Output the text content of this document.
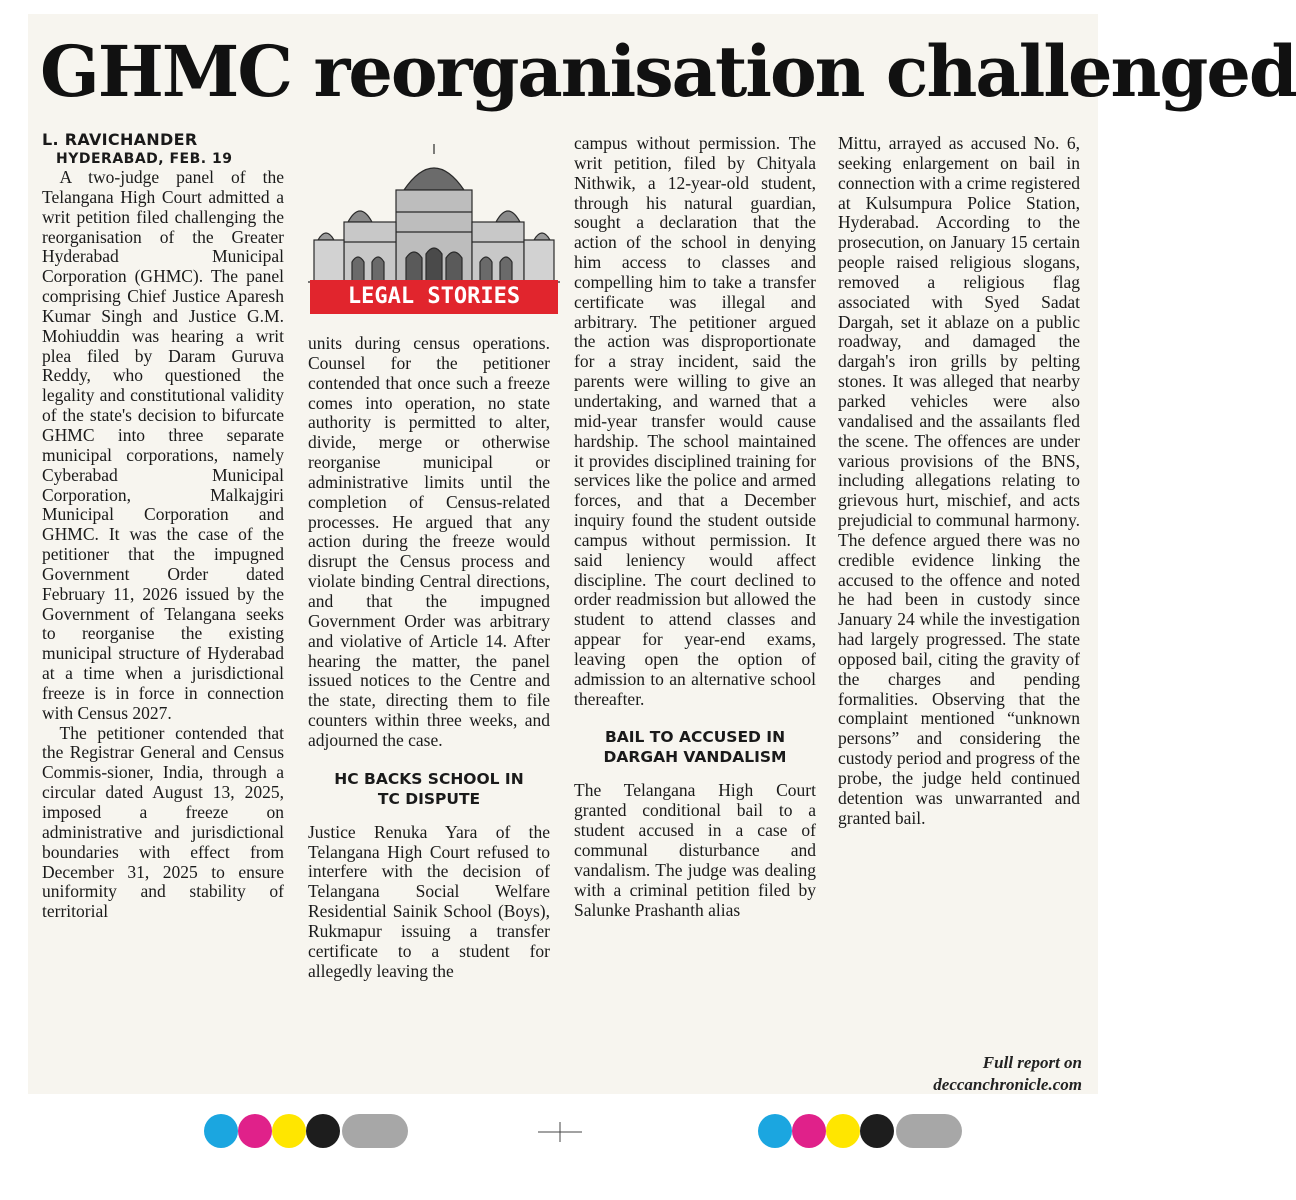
GHMC reorganisation challenged

L. RAVICHANDER

HYDERABAD, FEB. 19

A two-judge panel of the Telangana High Court admitted a writ petition filed challenging the reorganisation of the Greater Hyderabad Municipal Corporation (GHMC). The panel comprising Chief Justice Aparesh Kumar Singh and Justice G.M. Mohiuddin was hearing a writ plea filed by Daram Guruva Reddy, who questioned the legality and constitutional validity of the state's decision to bifurcate GHMC into three separate municipal corporations, namely Cyberabad Municipal Corporation, Malkajgiri Municipal Corporation and GHMC. It was the case of the petitioner that the impugned Government Order dated February 11, 2026 issued by the Government of Telangana seeks to reorganise the existing municipal structure of Hyderabad at a time when a jurisdictional freeze is in force in connection with Census 2027.

The petitioner contended that the Registrar General and Census Commis-sioner, India, through a circular dated August 13, 2025, imposed a freeze on administrative and jurisdictional boundaries with effect from December 31, 2025 to ensure uniformity and stability of territorial

LEGAL STORIES

units during census operations. Counsel for the petitioner contended that once such a freeze comes into operation, no state authority is permitted to alter, divide, merge or otherwise reorganise municipal or administrative limits until the completion of Census-related processes. He argued that any action during the freeze would disrupt the Census process and violate binding Central directions, and that the impugned Government Order was arbitrary and violative of Article 14. After hearing the matter, the panel issued notices to the Centre and the state, directing them to file counters within three weeks, and adjourned the case.

HC BACKS SCHOOL IN

TC DISPUTE

Justice Renuka Yara of the Telangana High Court refused to interfere with the decision of Telangana Social Welfare Residential Sainik School (Boys), Rukmapur issuing a transfer certificate to a student for allegedly leaving the

campus without permission. The writ petition, filed by Chityala Nithwik, a 12-year-old student, through his natural guardian, sought a declaration that the action of the school in denying him access to classes and compelling him to take a transfer certificate was illegal and arbitrary. The petitioner argued the action was disproportionate for a stray incident, said the parents were willing to give an undertaking, and warned that a mid-year transfer would cause hardship. The school maintained it provides disciplined training for services like the police and armed forces, and that a December inquiry found the student outside campus without permission. It said leniency would affect discipline. The court declined to order readmission but allowed the student to attend classes and appear for year-end exams, leaving open the option of admission to an alternative school thereafter.

BAIL TO ACCUSED IN

DARGAH VANDALISM

The Telangana High Court granted conditional bail to a student accused in a case of communal disturbance and vandalism. The judge was dealing with a criminal petition filed by Salunke Prashanth alias

Mittu, arrayed as accused No. 6, seeking enlargement on bail in connection with a crime registered at Kulsumpura Police Station, Hyderabad. According to the prosecution, on January 15 certain people raised religious slogans, removed a religious flag associated with Syed Sadat Dargah, set it ablaze on a public roadway, and damaged the dargah's iron grills by pelting stones. It was alleged that nearby parked vehicles were also vandalised and the assailants fled the scene. The offences are under various provisions of the BNS, including allegations relating to grievous hurt, mischief, and acts prejudicial to communal harmony. The defence argued there was no credible evidence linking the accused to the offence and noted he had been in custody since January 24 while the investigation had largely progressed. The state opposed bail, citing the gravity of the charges and pending formalities. Observing that the complaint mentioned “unknown persons” and considering the custody period and progress of the probe, the judge held continued detention was unwarranted and granted bail.

Full report on
deccanchronicle.com
